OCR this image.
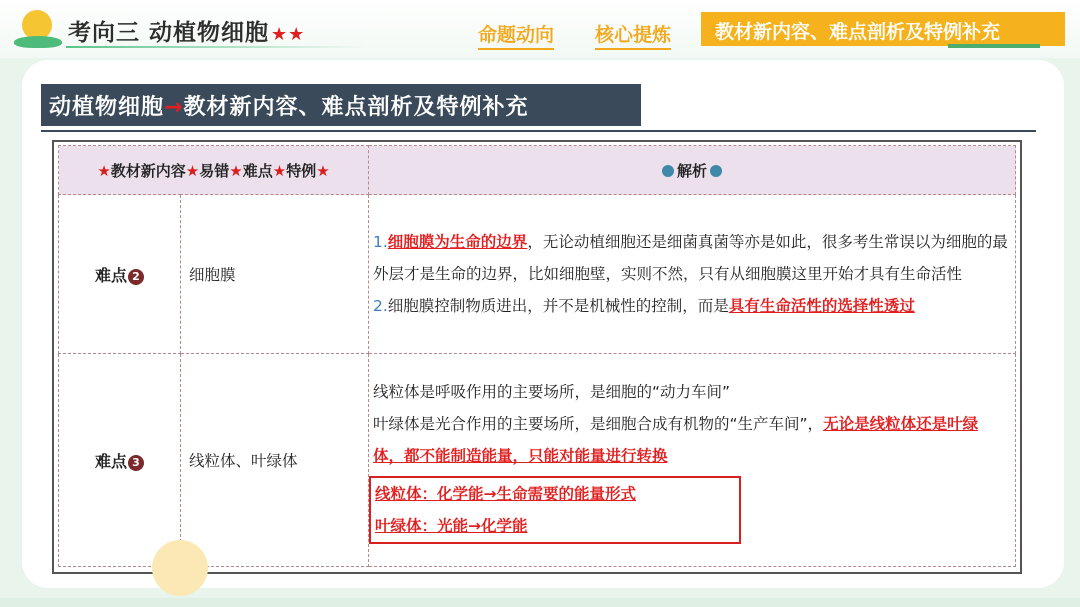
考向三 动植物细胞 ★★	命题动向 核心提炼	教材新内容、难点剖析及特例补充
动植物细胞→教材新内容、难点剖析及特例补充
★教材新内容★易错★难点★特例★		解析
难点 2	细胞膜	1.细胞膜为生命的边界，无论动植细胞还是细菌真菌等亦是如此，很多考生常误以为细胞的最外层才是生命的边界，比如细胞壁，实则不然，只有从细胞膜这里开始才具有生命活性
2.细胞膜控制物质进出，并不是机械性的控制，而是具有生命活性的选择性透过

难点 3	线粒体、叶绿体	线粒体是呼吸作用的主要场所，是细胞的“动力车间”
叶绿体是光合作用的主要场所，是细胞合成有机物的“生产车间”，无论是线粒体还是叶绿体，都不能制造能量，只能对能量进行转换
线粒体：化学能→生命需要的能量形式
叶绿体：光能→化学能
